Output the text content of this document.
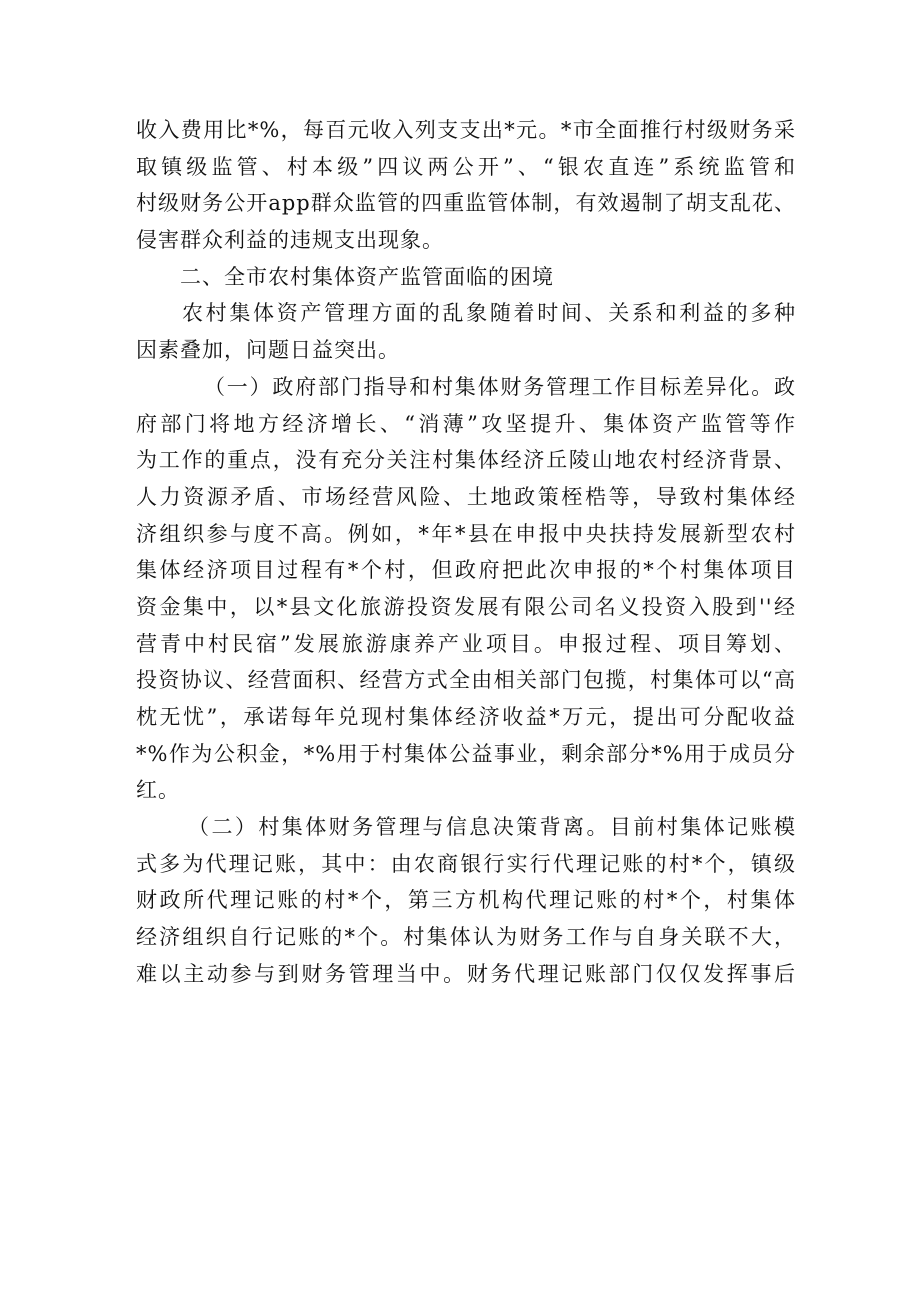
收入费用比*%，每百元收入列支支出*元。*市全面推行村级财务采
取镇级监管、村本级”四议两公开”、“银农直连”系统监管和
村级财务公开app群众监管的四重监管体制，有效遏制了胡支乱花、
侵害群众利益的违规支出现象。
二、全市农村集体资产监管面临的困境
农村集体资产管理方面的乱象随着时间、关系和利益的多种
因素叠加，问题日益突出。
（一）政府部门指导和村集体财务管理工作目标差异化。政
府部门将地方经济增长、“消薄”攻坚提升、集体资产监管等作
为工作的重点，没有充分关注村集体经济丘陵山地农村经济背景、
人力资源矛盾、市场经营风险、土地政策桎梏等，导致村集体经
济组织参与度不高。例如，*年*县在申报中央扶持发展新型农村
集体经济项目过程有*个村，但政府把此次申报的*个村集体项目
资金集中，以*县文化旅游投资发展有限公司名义投资入股到''经
营青中村民宿”发展旅游康养产业项目。申报过程、项目筹划、
投资协议、经营面积、经营方式全由相关部门包揽，村集体可以“高
枕无忧”，承诺每年兑现村集体经济收益*万元，提出可分配收益
*%作为公积金，*%用于村集体公益事业，剩余部分*%用于成员分
红。
（二）村集体财务管理与信息决策背离。目前村集体记账模
式多为代理记账，其中：由农商银行实行代理记账的村*个，镇级
财政所代理记账的村*个，第三方机构代理记账的村*个，村集体
经济组织自行记账的*个。村集体认为财务工作与自身关联不大，
难以主动参与到财务管理当中。财务代理记账部门仅仅发挥事后
